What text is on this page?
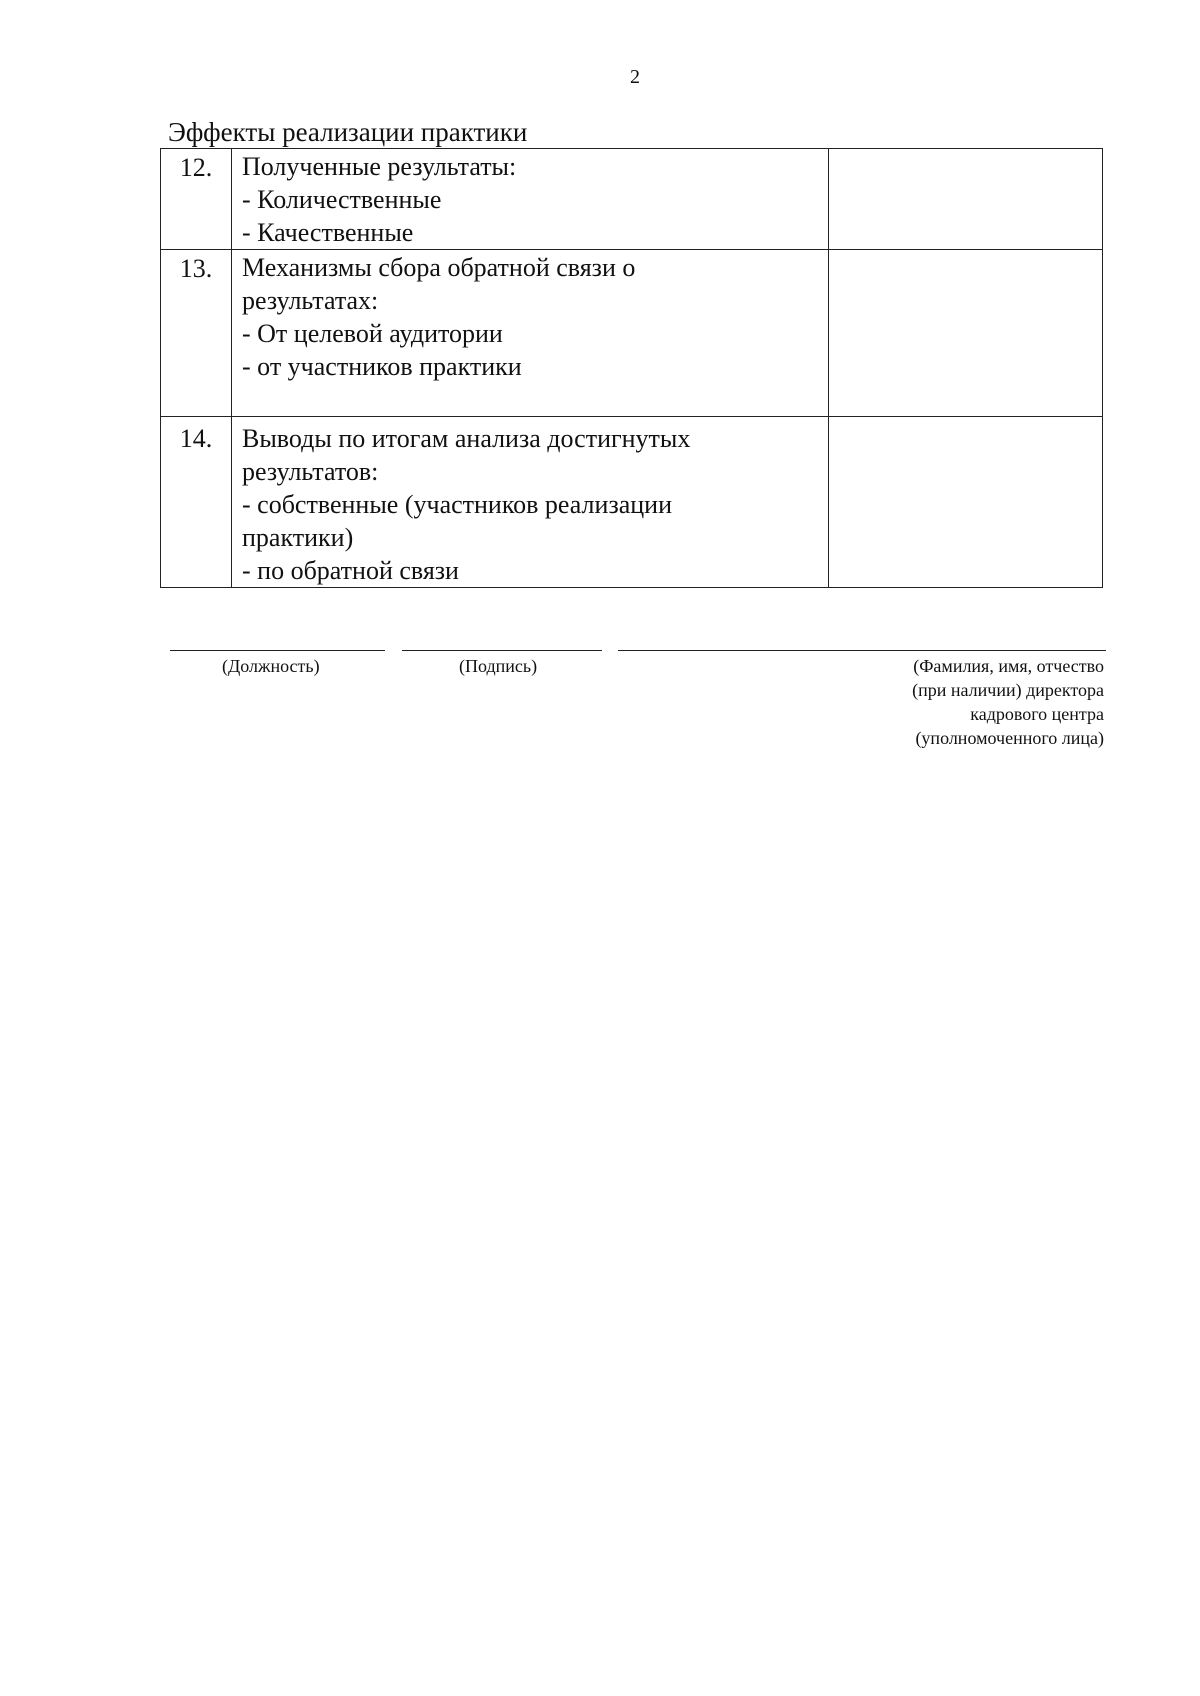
2
Эффекты реализации практики
12.	Полученные результаты:
- Количественные
- Качественные	

13.	Механизмы сбора обратной связи о
результатах:
- От целевой аудитории
- от участников практики	

14.	Выводы по итогам анализа достигнутых
результатов:
- собственные (участников реализации
практики)
- по обратной связи	

(Должность)	(Подпись)	(Фамилия, имя, отчество
(при наличии) директора
кадрового центра
(уполномоченного лица)
